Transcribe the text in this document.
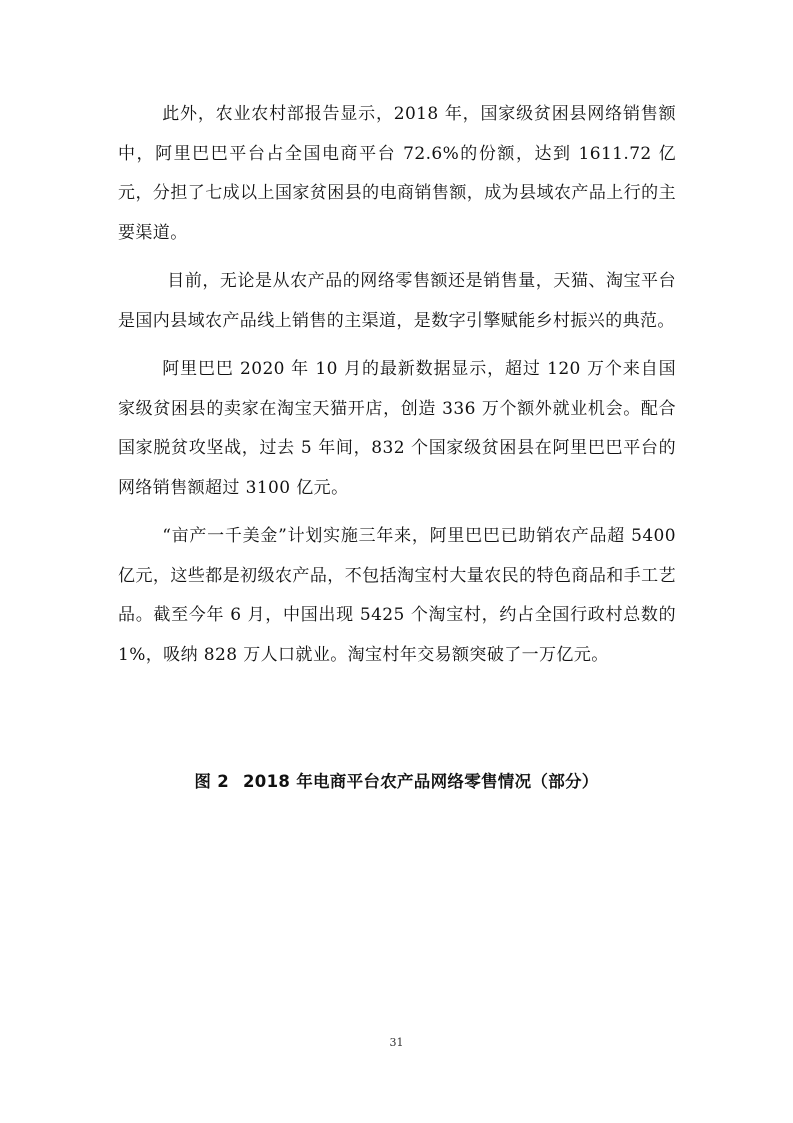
此外，农业农村部报告显示，2018 年，国家级贫困县网络销售额中，阿里巴巴平台占全国电商平台 72.6%的份额，达到 1611.72 亿元，分担了七成以上国家贫困县的电商销售额，成为县域农产品上行的主要渠道。

目前，无论是从农产品的网络零售额还是销售量，天猫、淘宝平台是国内县域农产品线上销售的主渠道，是数字引擎赋能乡村振兴的典范。

阿里巴巴 2020 年 10 月的最新数据显示，超过 120 万个来自国家级贫困县的卖家在淘宝天猫开店，创造 336 万个额外就业机会。配合国家脱贫攻坚战，过去 5 年间，832 个国家级贫困县在阿里巴巴平台的网络销售额超过 3100 亿元。

“亩产一千美金”计划实施三年来，阿里巴巴已助销农产品超 5400 亿元，这些都是初级农产品，不包括淘宝村大量农民的特色商品和手工艺品。截至今年 6 月，中国出现 5425 个淘宝村，约占全国行政村总数的 1%，吸纳 828 万人口就业。淘宝村年交易额突破了一万亿元。

图 2 2018 年电商平台农产品网络零售情况（部分）
31
